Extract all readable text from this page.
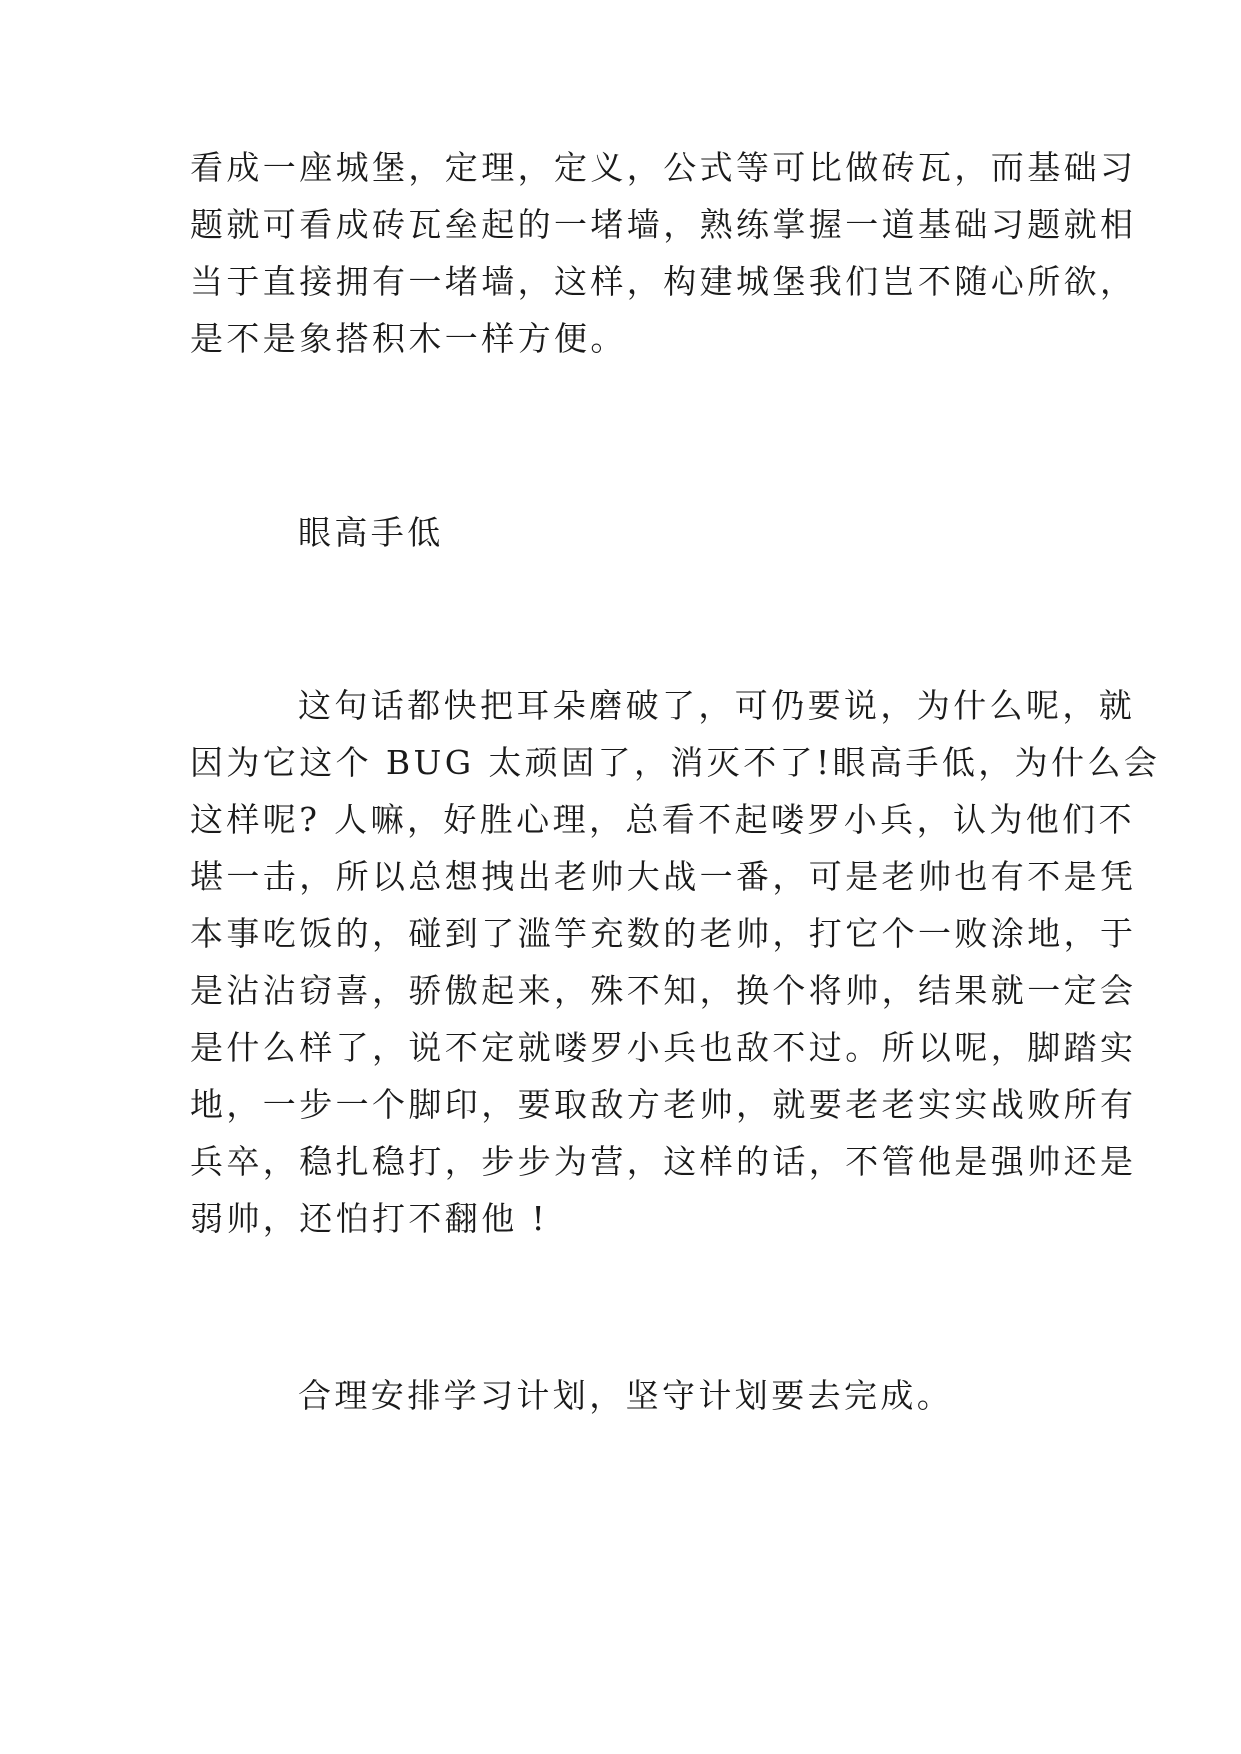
看成一座城堡，定理，定义，公式等可比做砖瓦，而基础习

题就可看成砖瓦垒起的一堵墙，熟练掌握一道基础习题就相

当于直接拥有一堵墙，这样，构建城堡我们岂不随心所欲，

是不是象搭积木一样方便。

眼高手低

这句话都快把耳朵磨破了，可仍要说，为什么呢，就

因为它这个 BUG 太顽固了，消灭不了!眼高手低，为什么会

这样呢? 人嘛，好胜心理，总看不起喽罗小兵，认为他们不

堪一击，所以总想拽出老帅大战一番，可是老帅也有不是凭

本事吃饭的，碰到了滥竽充数的老帅，打它个一败涂地，于

是沾沾窃喜，骄傲起来，殊不知，换个将帅，结果就一定会

是什么样了，说不定就喽罗小兵也敌不过。所以呢，脚踏实

地，一步一个脚印，要取敌方老帅，就要老老实实战败所有

兵卒，稳扎稳打，步步为营，这样的话，不管他是强帅还是

弱帅，还怕打不翻他 !

合理安排学习计划，坚守计划要去完成。
